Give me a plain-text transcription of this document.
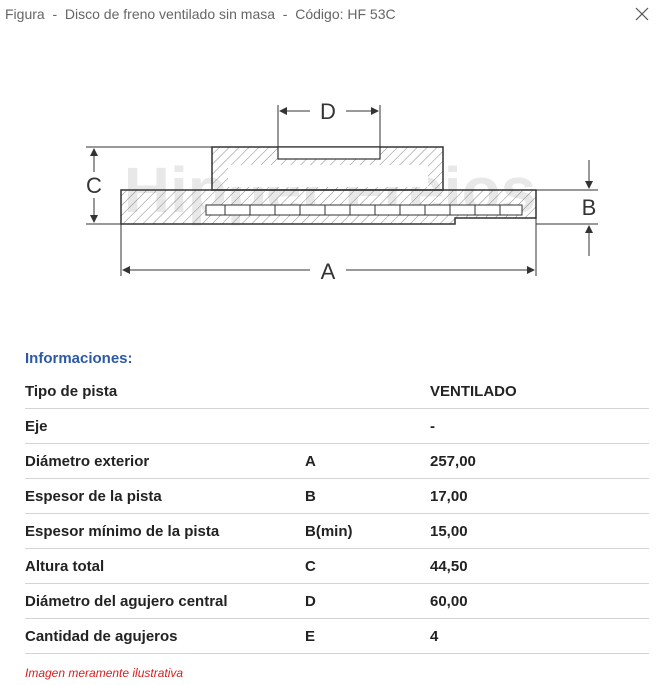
Figura  -  Disco de freno ventilado sin masa  -  Código: HF 53C
D
C
B
A
Informaciones:
Tipo de pista		VENTILADO
Eje		-
Diámetro exterior	A	257,00
Espesor de la pista	B	17,00
Espesor mínimo de la pista	B(min)	15,00
Altura total	C	44,50
Diámetro del agujero central	D	60,00
Cantidad de agujeros	E	4
Imagen meramente ilustrativa
